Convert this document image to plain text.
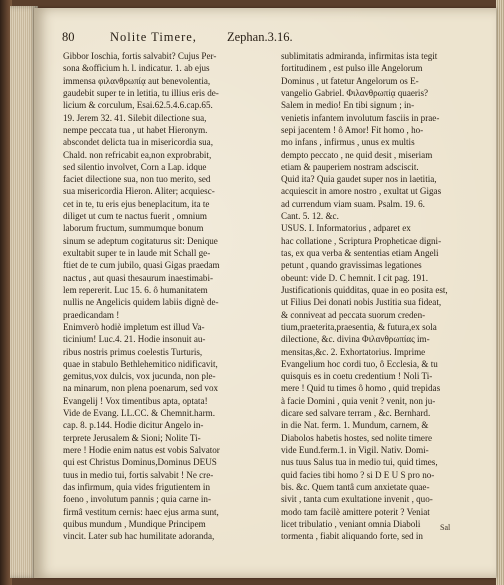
80	Nolite Timere, Zephan.3.16.

Gibbor Ioschia, fortis salvabit? Cujus Per-

sona &officium h. l. indicatur. 1. ab ejus

immensa φιλανθρωπίᾳ aut benevolentia,

gaudebit super te in letitia, tu illius eris de-

licium & corculum, Esai.62.5.4.6.cap.65.

19. Jerem 32. 41. Silebit dilectione sua,

nempe peccata tua , ut habet Hieronym.

abscondet delicta tua in misericordia sua,

Chald. non refricabit ea,non exprobrabit,

sed silentio involvet, Corn a Lap. idque

faciet dilectione sua, non tuo merito, sed

sua misericordia Hieron. Aliter; acquiesc-

cet in te, tu eris ejus beneplacitum, ita te

diliget ut cum te nactus fuerit , omnium

laborum fructum, summumque bonum

sinum se adeptum cogitaturus sit: Denique

exultabit super te in laude mit Schall ge-

ftiet de te cum jubilo, quasi Gigas praedam

nactus , aut quasi thesaurum inaestimabi-

lem repererit. Luc 15. 6. ô humanitatem

nullis ne Angelicis quidem labiis dignè de-

praedicandam !

Enimverò hodiè impletum est illud Va-

ticinium! Luc.4. 21. Hodie insonuit au-

ribus nostris primus coelestis Turturis,

quae in stabulo Bethlehemitico nidificavit,

gemitus,vox dulcis, vox jucunda, non ple-

na minarum, non plena poenarum, sed vox

Evangelij ! Vox timentibus apta, optata!

Vide de Evang. LL.CC. & Chemnit.harm.

cap. 8. p.144. Hodie dicitur Angelo in-

terprete Jerusalem & Sioni; Nolite Ti-

mere ! Hodie enim natus est vobis Salvator

qui est Christus Dominus,Dominus DEUS

tuus in medio tui, fortis salvabit ! Ne cre-

das infirmum, quia vides frigutientem in

foeno , involutum pannis ; quia carne in-

firmâ vestitum cernis: haec ejus arma sunt,

quibus mundum , Mundique Principem

vincit. Later sub hac humilitate adoranda,

sublimitatis admiranda, infirmitas ista tegit

fortitudinem , est pulso ille Angelorum

Dominus , ut fatetur Angelorum os E-

vangelio Gabriel. Φιλανθρωπίᾳ quaeris?

Salem in medio! En tibi signum ; in-

venietis infantem involutum fasciis in prae-

sepi jacentem ! ô Amor! Fit homo , ho-

mo infans , infirmus , unus ex multis

dempto peccato , ne quid desit , miseriam

etiam & pauperiem nostram adsciscit.

Quid ita? Quia gaudet super nos in laetitia,

acquiescit in amore nostro , exultat ut Gigas

ad currendum viam suam. Psalm. 19. 6.

Cant. 5. 12. &c.

USUS. I. Informatorius , adparet ex

hac collatione , Scriptura Propheticae digni-

tas, ex qua verba & sententias etiam Angeli

petunt , quando gravissimas legationes

obeunt: vide D. C hemnit. I cit pag. 191.

Justificationis quidditas, quae in eo posita est,

ut Filius Dei donati nobis Justitia sua fideat,

& conniveat ad peccata suorum creden-

tium,praeterita,praesentia, & futura,ex sola

dilectione, &c. divina Φιλανθρωπίας im-

mensitas,&c. 2. Exhortatorius. Imprime

Evangelium hoc cordi tuo, ô Ecclesia, & tu

quisquis es in coetu credentium ! Noli Ti-

mere ! Quid tu times ô homo , quid trepidas

à facie Domini , quia venit ? venit, non ju-

dicare sed salvare terram , &c. Bernhard.

in die Nat. ferm. 1. Mundum, carnem, &

Diabolos habetis hostes, sed nolite timere

vide Eund.ferm.1. in Vigil. Nativ. Domi-

nus tuus Salus tua in medio tui, quid times,

quid facies tibi homo ? si D E U S pro no-

bis. &c. Quem tantâ cum anxietate quae-

sivit , tanta cum exultatione invenit , quo-

modo tam facilè amittere poterit ? Veniat

licet tribulatio , veniant omnia Diaboli

tormenta , fiabit aliquando forte, sed in

Sal
